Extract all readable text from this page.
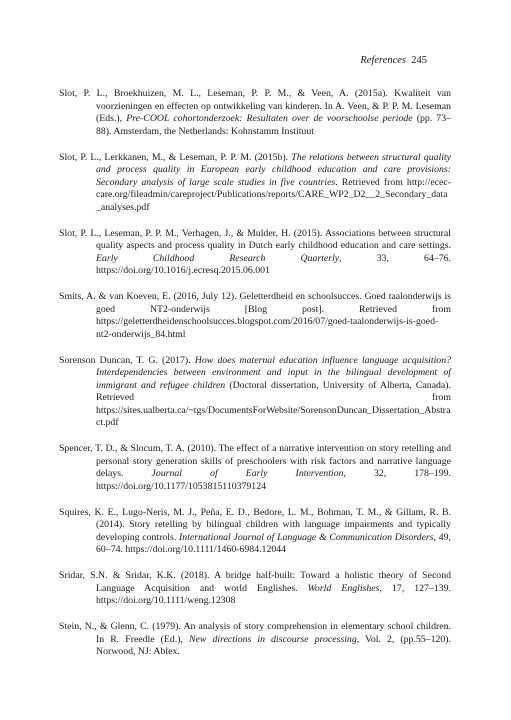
References 245

Slot, P. L., Broekhuizen, M. L., Leseman, P. P. M., & Veen, A. (2015a). Kwaliteit van voorzieningen en effecten op ontwikkeling van kinderen. In A. Veen, & P. P. M. Leseman (Eds.), Pre-COOL cohortonderzoek: Resultaten over de voorschoolse periode (pp. 73–88). Amsterdam, the Netherlands: Kohnstamm Instituut

Slot, P. L., Lerkkanen, M., & Leseman, P. P. M. (2015b). The relations between structural quality and process quality in European early childhood education and care provisions: Secondary analysis of large scale studies in five countries. Retrieved from http://ecec-care.org/fileadmin/careproject/Publications/reports/CARE_WP2_D2__2_Secondary_data_analyses.pdf

Slot, P. L., Leseman, P. P. M., Verhagen, J., & Mulder, H. (2015). Associations between structural quality aspects and process quality in Dutch early childhood education and care settings. Early Childhood Research Quarterly, 33, 64–76. https://doi.org/10.1016/j.ecresq.2015.06.001

Smits, A. & van Koeven, E. (2016, July 12). Geletterdheid en schoolsucces. Goed taalonderwijs is goed NT2-onderwijs [Blog post]. Retrieved from https://geletterdheidenschoolsucces.blogspot.com/2016/07/goed-taalonderwijs-is-goed-nt2-onderwijs_84.html

Sorenson Duncan, T. G. (2017). How does maternal education influence language acquisition? Interdependencies between environment and input in the bilingual development of immigrant and refugee children (Doctoral dissertation, University of Alberta, Canada). Retrieved from https://sites.ualberta.ca/~tgs/DocumentsForWebsite/SorensonDuncan_Dissertation_Abstract.pdf

Spencer, T. D., & Slocum, T. A. (2010). The effect of a narrative intervention on story retelling and personal story generation skills of preschoolers with risk factors and narrative language delays. Journal of Early Intervention, 32, 178–199. https://doi.org/10.1177/1053815110379124

Squires, K. E., Lugo-Neris, M. J., Peña, E. D., Bedore, L. M., Bohman, T. M., & Gillam, R. B. (2014). Story retelling by bilingual children with language impairments and typically developing controls. International Journal of Language & Communication Disorders, 49, 60–74. https://doi.org/10.1111/1460-6984.12044

Sridar, S.N. & Sridar, K.K. (2018). A bridge half-built: Toward a holistic theory of Second Language Acquisition and world Englishes. World Englishes, 17, 127–139. https://doi.org/10.1111/weng.12308

Stein, N., & Glenn, C. (1979). An analysis of story comprehension in elementary school children. In R. Freedle (Ed.), New directions in discourse processing, Vol. 2, (pp.55–120). Norwood, NJ: Ablex.
